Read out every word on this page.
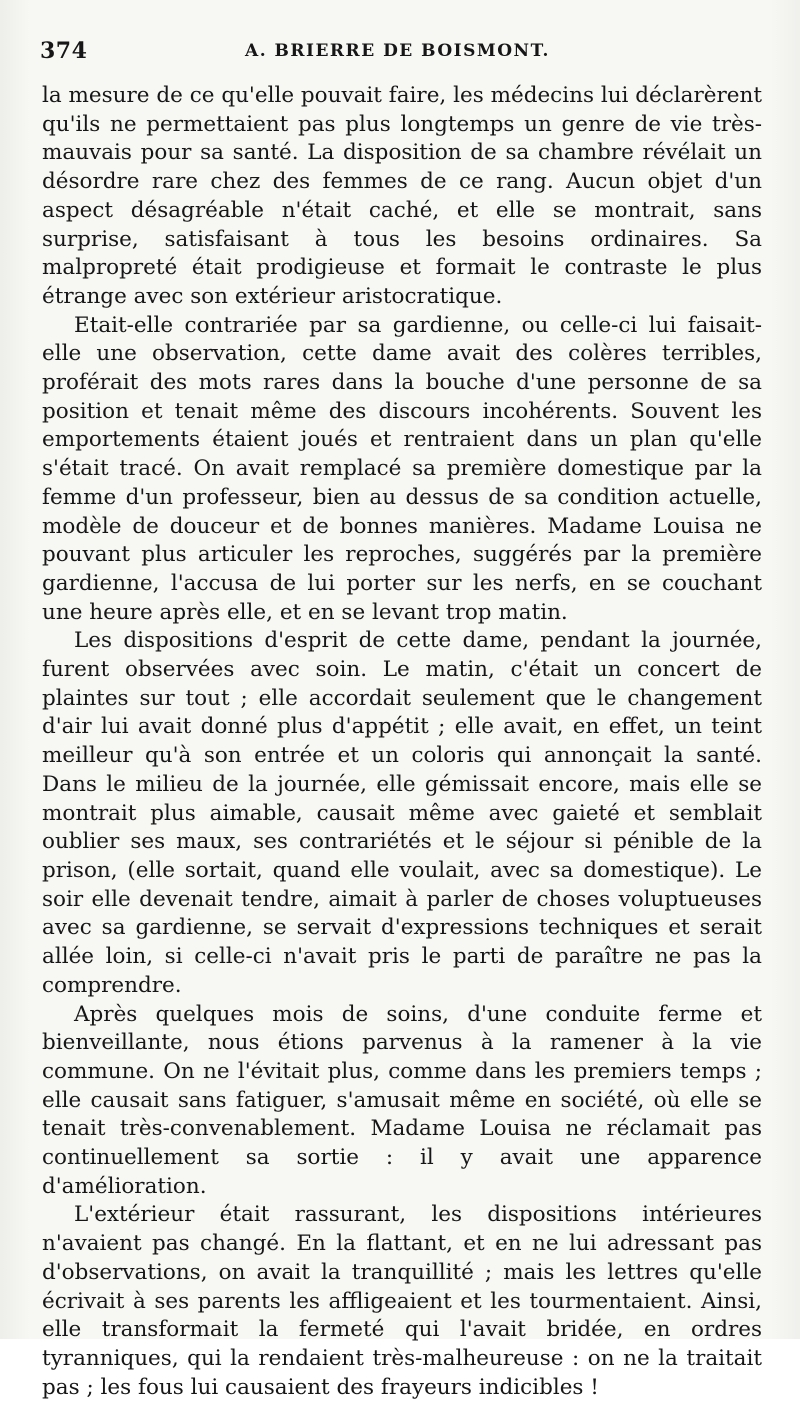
374	A. BRIERRE DE BOISMONT.

la mesure de ce qu'elle pouvait faire, les médecins lui déclarèrent qu'ils ne permettaient pas plus longtemps un genre de vie très-mauvais pour sa santé. La disposition de sa chambre révélait un désordre rare chez des femmes de ce rang. Aucun objet d'un aspect désagréable n'était caché, et elle se montrait, sans surprise, satisfaisant à tous les besoins ordinaires. Sa malpropreté était prodigieuse et formait le contraste le plus étrange avec son extérieur aristocratique.

Etait-elle contrariée par sa gardienne, ou celle-ci lui faisait-elle une observation, cette dame avait des colères terribles, proférait des mots rares dans la bouche d'une personne de sa position et tenait même des discours incohérents. Souvent les emportements étaient joués et rentraient dans un plan qu'elle s'était tracé. On avait remplacé sa première domestique par la femme d'un professeur, bien au dessus de sa condition actuelle, modèle de douceur et de bonnes manières. Madame Louisa ne pouvant plus articuler les reproches, suggérés par la première gardienne, l'accusa de lui porter sur les nerfs, en se couchant une heure après elle, et en se levant trop matin.

Les dispositions d'esprit de cette dame, pendant la journée, furent observées avec soin. Le matin, c'était un concert de plaintes sur tout ; elle accordait seulement que le changement d'air lui avait donné plus d'appétit ; elle avait, en effet, un teint meilleur qu'à son entrée et un coloris qui annonçait la santé. Dans le milieu de la journée, elle gémissait encore, mais elle se montrait plus aimable, causait même avec gaieté et semblait oublier ses maux, ses contrariétés et le séjour si pénible de la prison, (elle sortait, quand elle voulait, avec sa domestique). Le soir elle devenait tendre, aimait à parler de choses voluptueuses avec sa gardienne, se servait d'expressions techniques et serait allée loin, si celle-ci n'avait pris le parti de paraître ne pas la comprendre.

Après quelques mois de soins, d'une conduite ferme et bienveillante, nous étions parvenus à la ramener à la vie commune. On ne l'évitait plus, comme dans les premiers temps ; elle causait sans fatiguer, s'amusait même en société, où elle se tenait très-convenablement. Madame Louisa ne réclamait pas continuellement sa sortie : il y avait une apparence d'amélioration.

L'extérieur était rassurant, les dispositions intérieures n'avaient pas changé. En la flattant, et en ne lui adressant pas d'observations, on avait la tranquillité ; mais les lettres qu'elle écrivait à ses parents les affligeaient et les tourmentaient. Ainsi, elle transformait la fermeté qui l'avait bridée, en ordres tyranniques, qui la rendaient très-malheureuse : on ne la traitait pas ; les fous lui causaient des frayeurs indicibles !
